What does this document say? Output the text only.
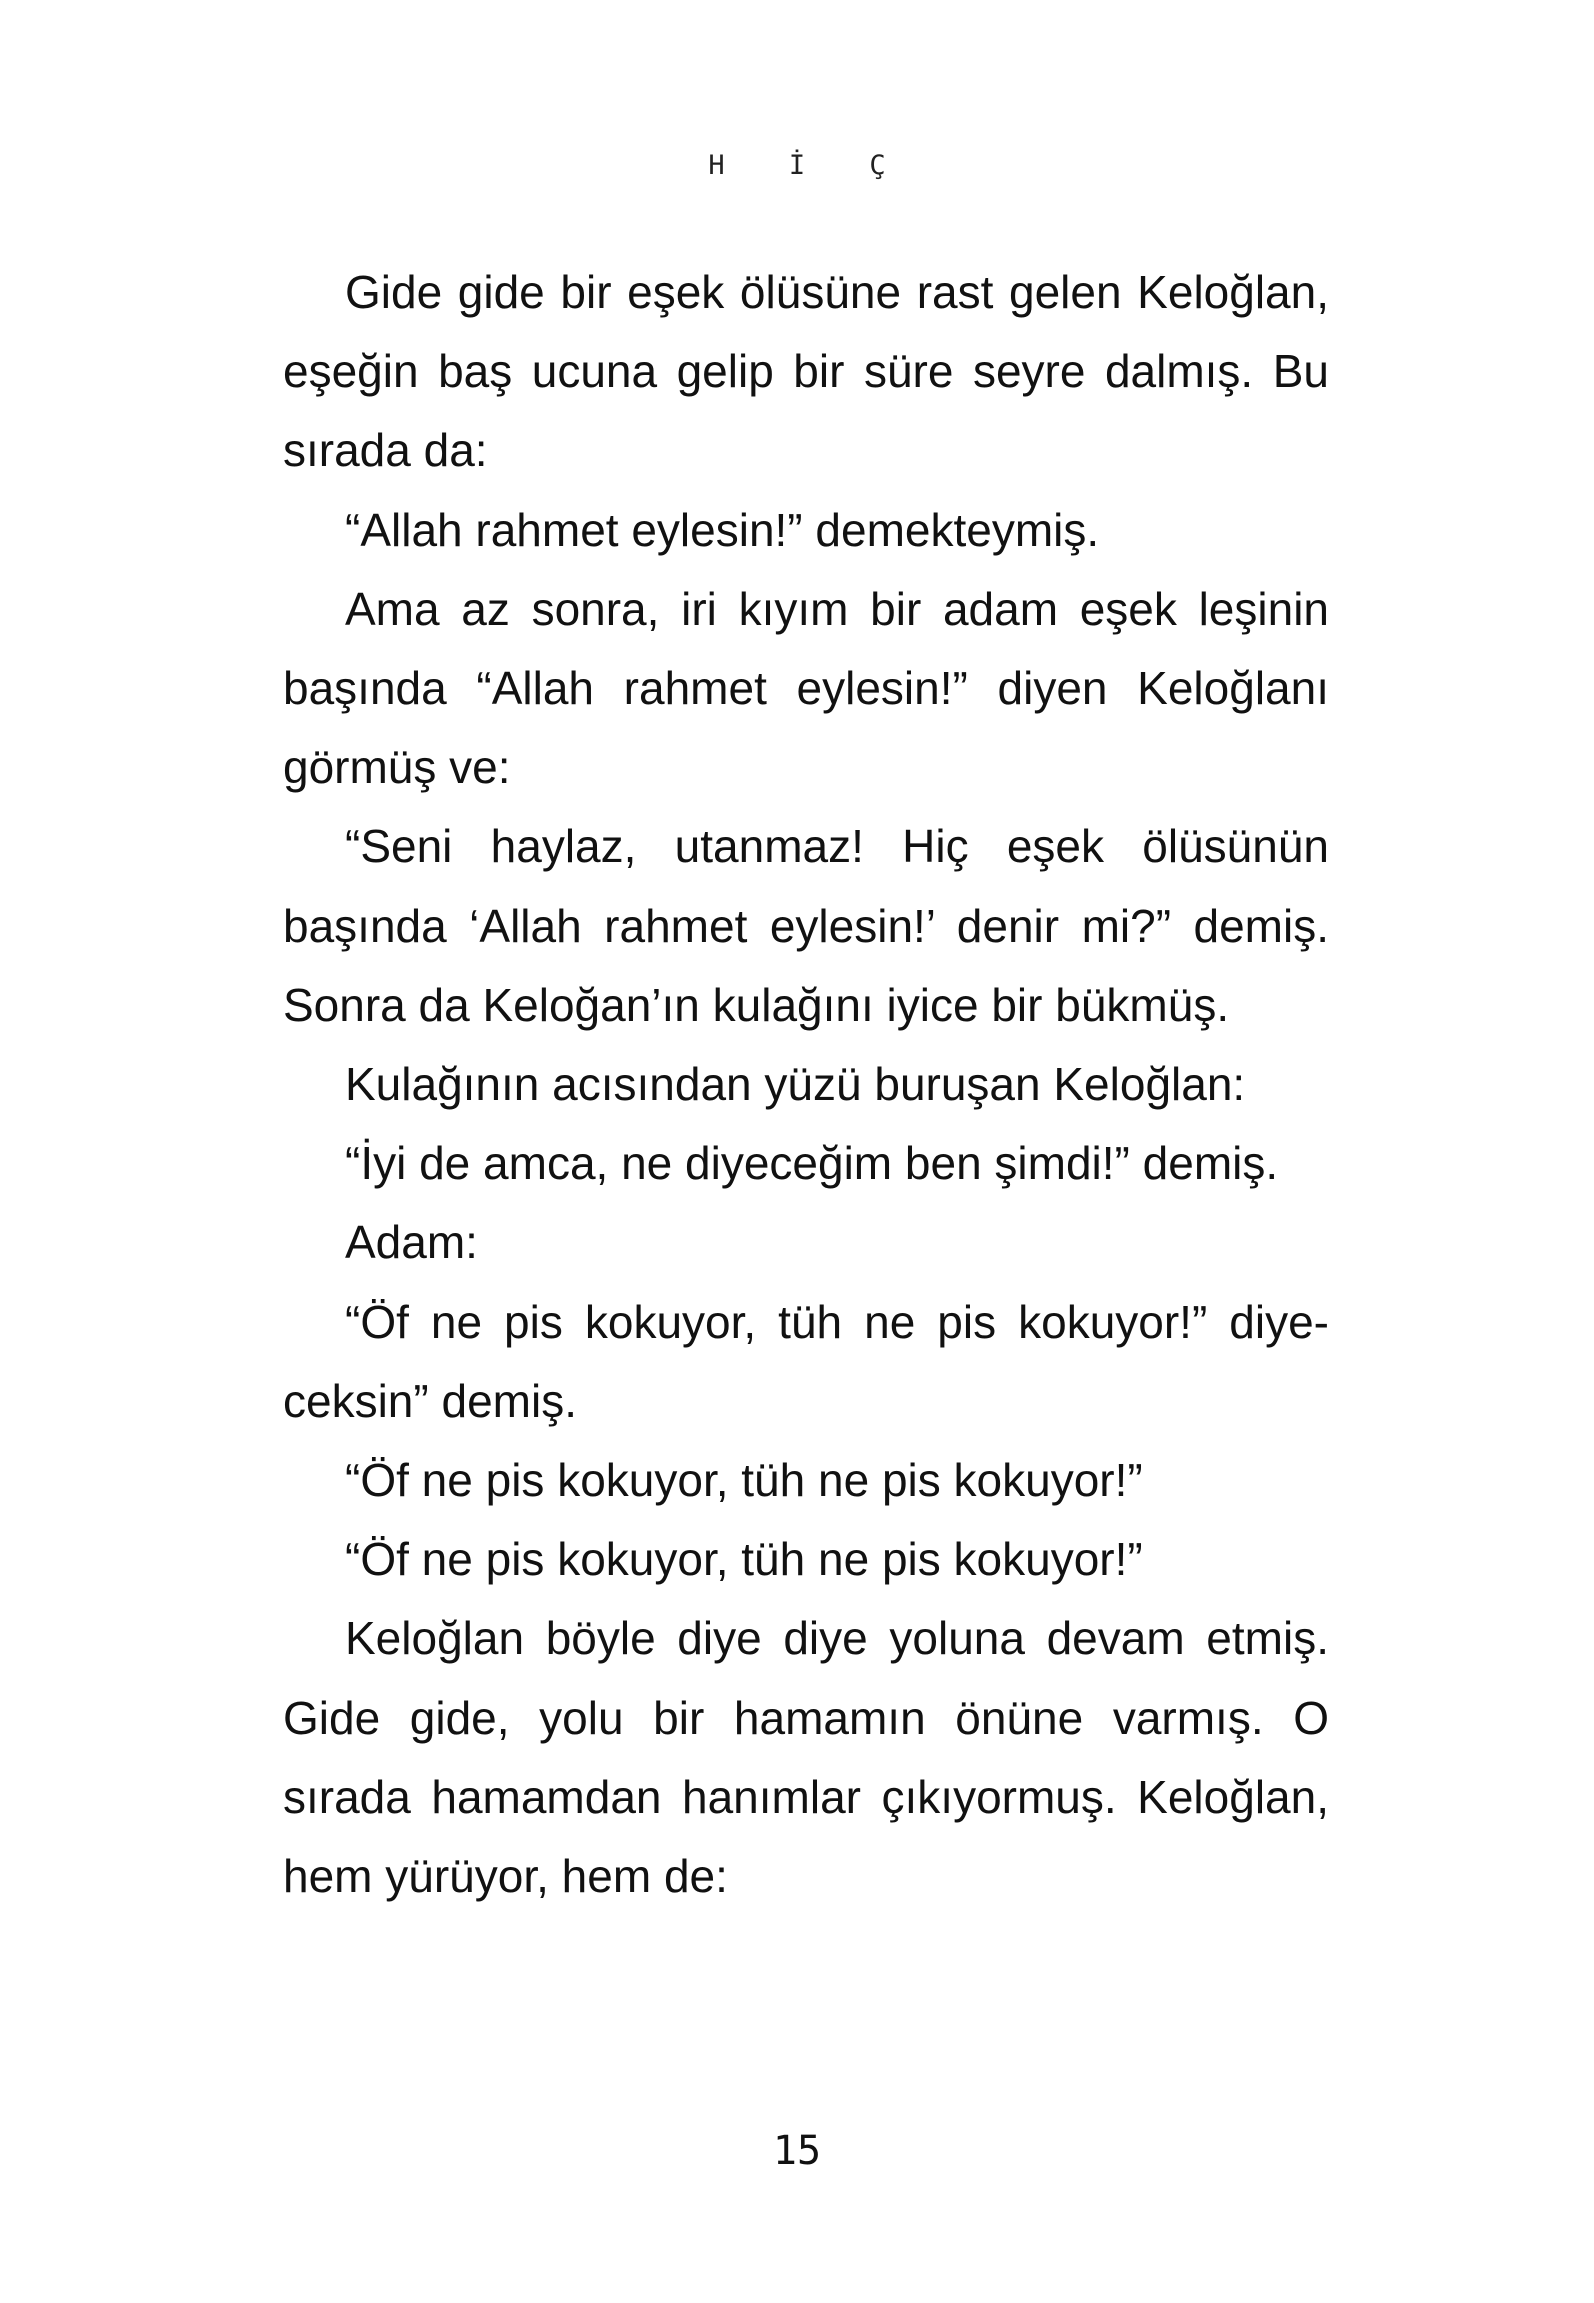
H İ Ç

Gide gide bir eşek ölüsüne rast gelen Keloğlan, eşeğin baş ucuna gelip bir süre seyre dalmış. Bu sırada da:

“Allah rahmet eylesin!” demekteymiş.

Ama az sonra, iri kıyım bir adam eşek leşinin başında “Allah rahmet eylesin!” diyen Keloğlanı görmüş ve:

“Seni haylaz, utanmaz! Hiç eşek ölüsünün başında ‘Allah rahmet eylesin!’ denir mi?” demiş. Sonra da Keloğan’ın kulağını iyice bir bükmüş.

Kulağının acısından yüzü buruşan Keloğlan:

“İyi de amca, ne diyeceğim ben şimdi!” demiş.

Adam:

“Öf ne pis kokuyor, tüh ne pis kokuyor!” diyeceksin” demiş.

“Öf ne pis kokuyor, tüh ne pis kokuyor!”

“Öf ne pis kokuyor, tüh ne pis kokuyor!”

Keloğlan böyle diye diye yoluna devam etmiş. Gide gide, yolu bir hamamın önüne varmış. O sırada hamamdan hanımlar çıkıyormuş. Keloğlan, hem yürüyor, hem de:

15
